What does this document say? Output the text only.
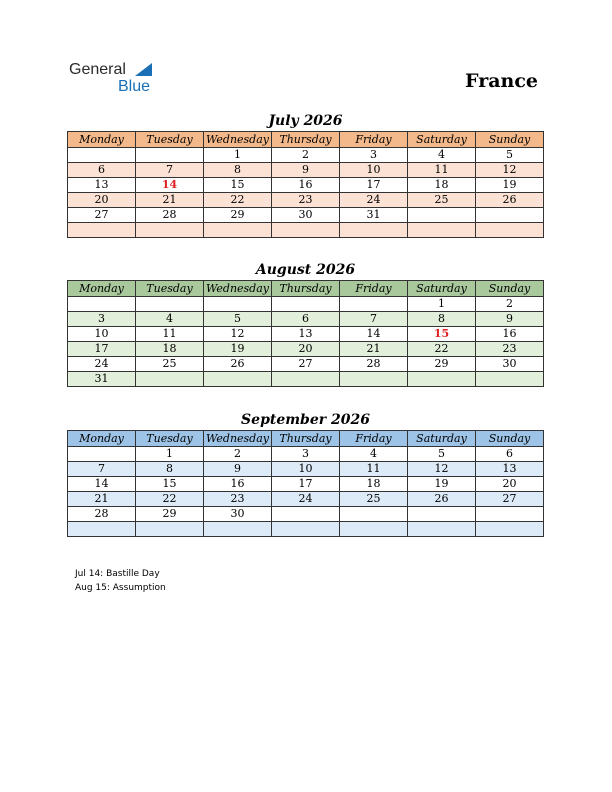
General
Blue	France
July 2026
Monday	Tuesday	Wednesday	Thursday	Friday	Saturday	Sunday
		1	2	3	4	5
6	7	8	9	10	11	12
13	14	15	16	17	18	19
20	21	22	23	24	25	26
27	28	29	30	31		

August 2026
Monday	Tuesday	Wednesday	Thursday	Friday	Saturday	Sunday
					1	2
3	4	5	6	7	8	9
10	11	12	13	14	15	16
17	18	19	20	21	22	23
24	25	26	27	28	29	30
31						
September 2026
Monday	Tuesday	Wednesday	Thursday	Friday	Saturday	Sunday
	1	2	3	4	5	6
7	8	9	10	11	12	13
14	15	16	17	18	19	20
21	22	23	24	25	26	27
28	29	30				

Jul 14: Bastille Day
Aug 15: Assumption
